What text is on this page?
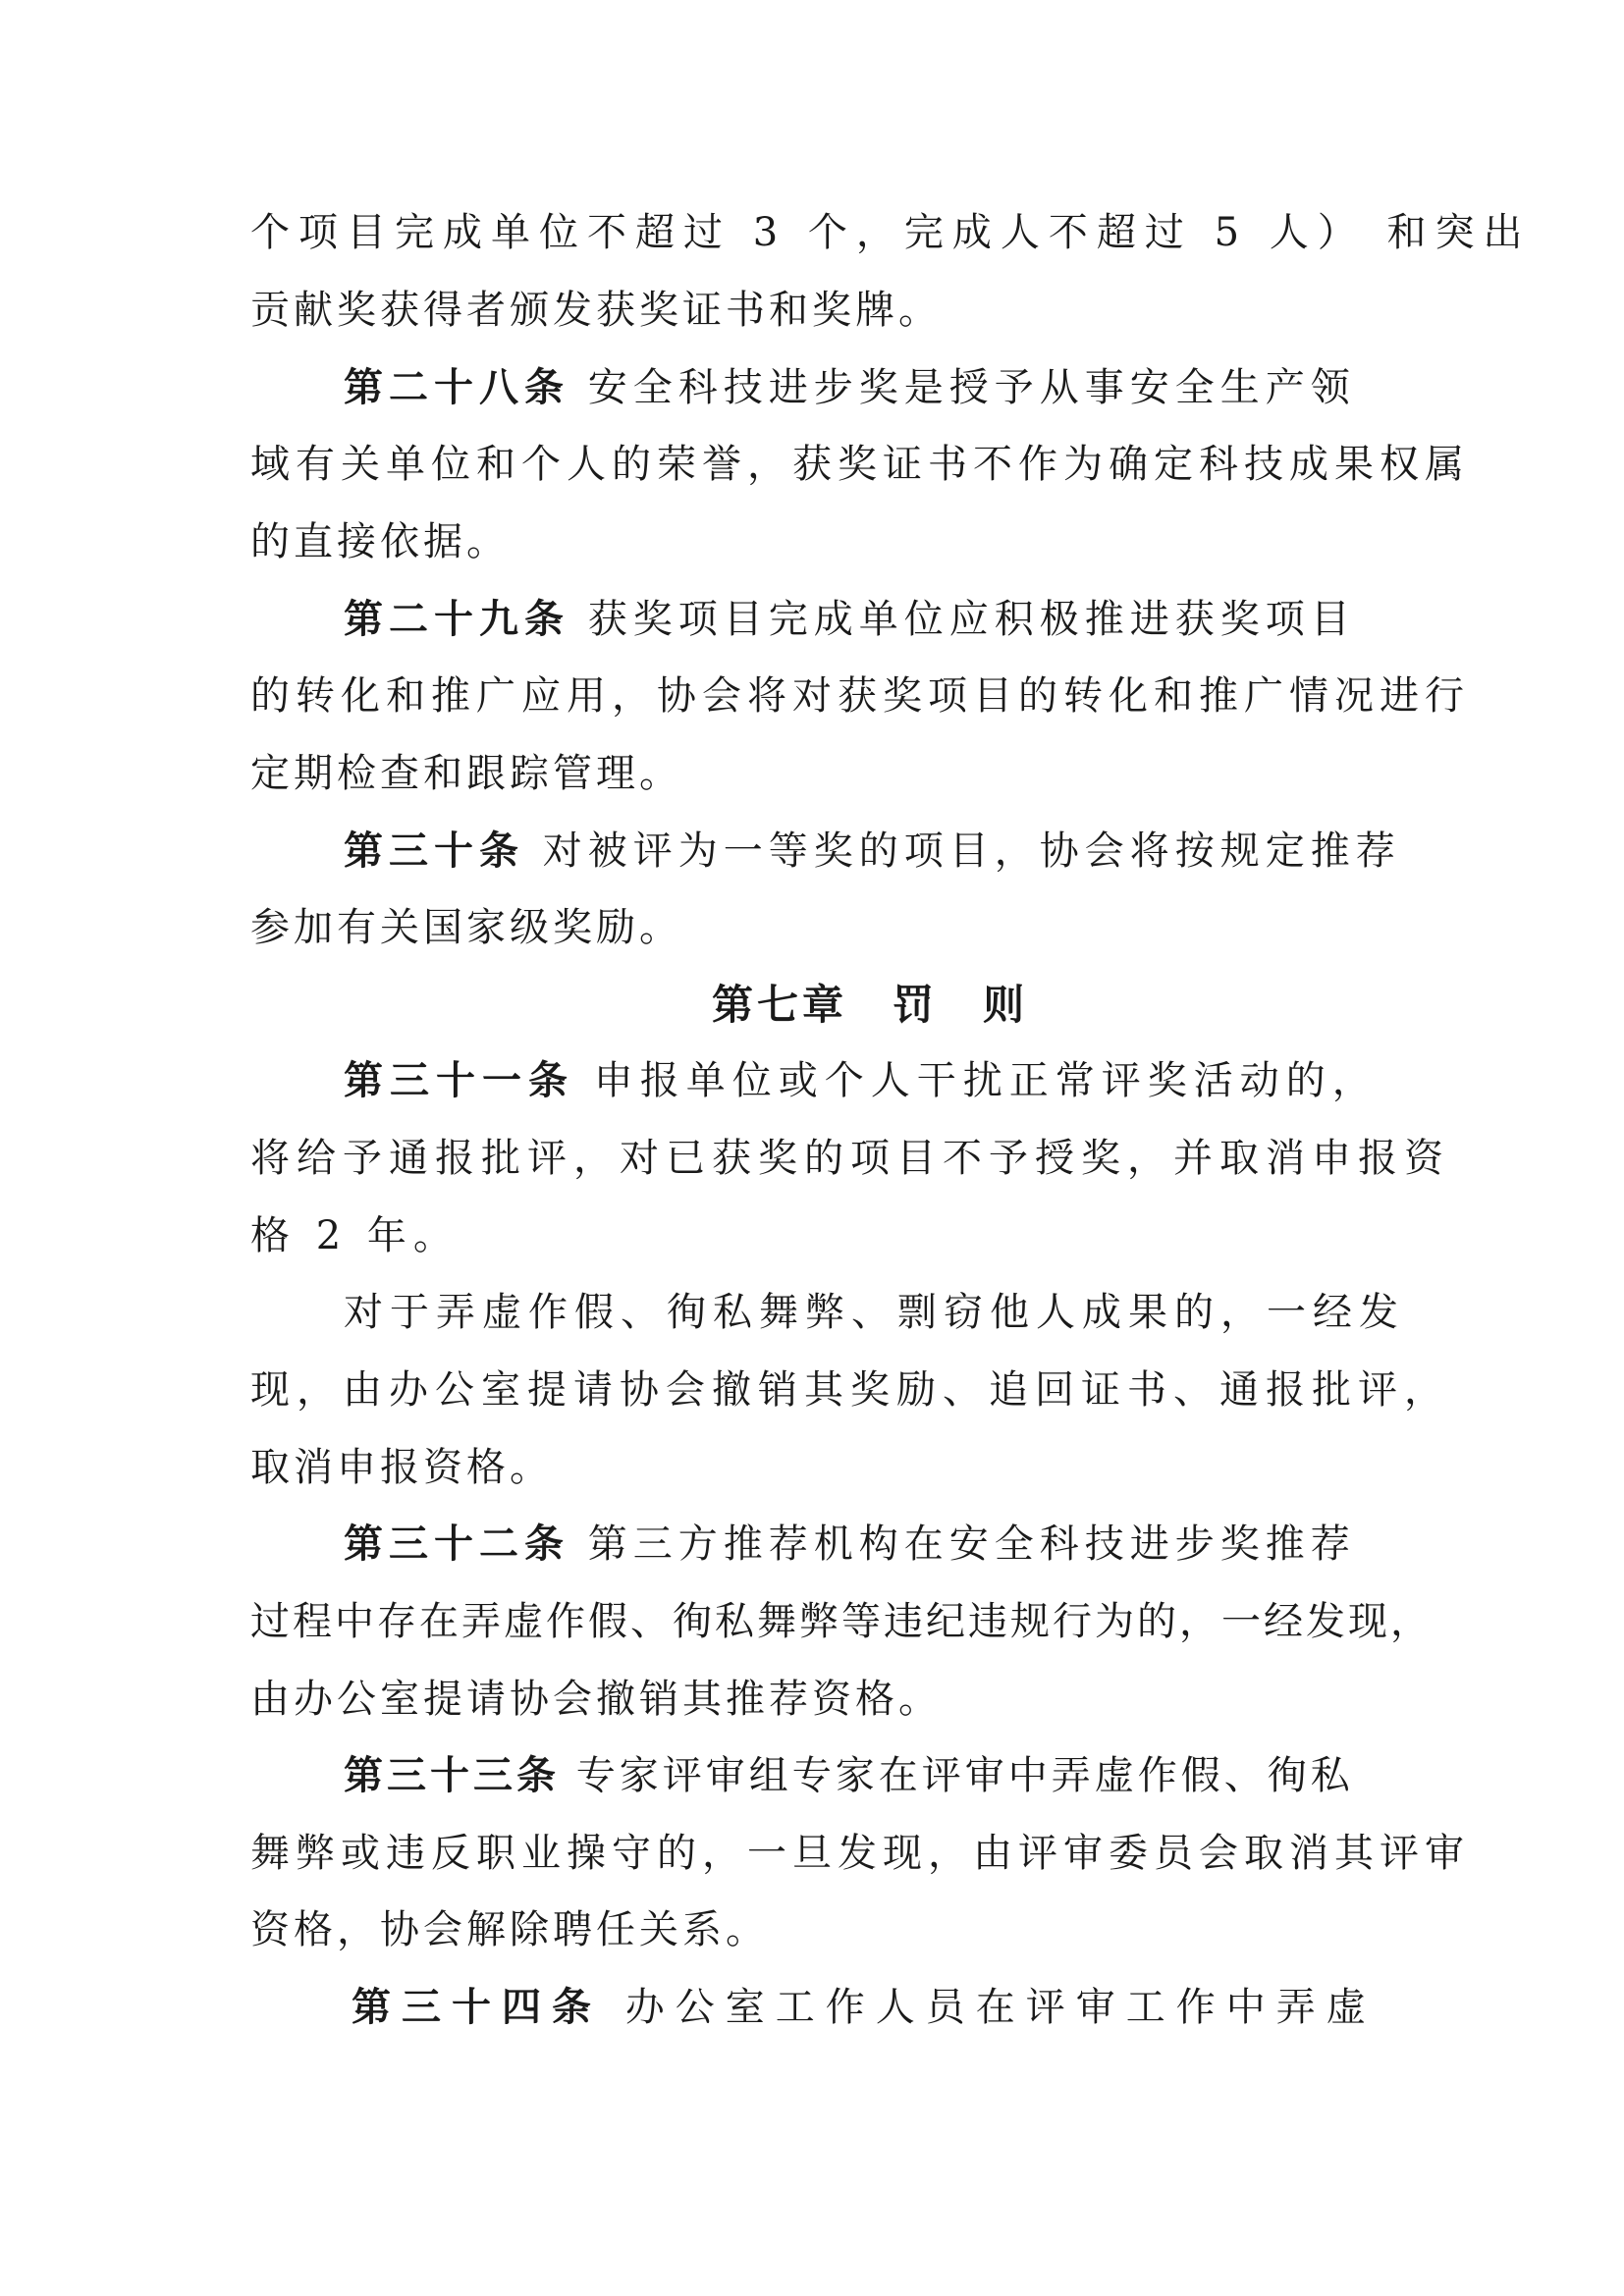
个项目完成单位不超过 3 个，完成人不超过 5 人） 和突出
贡献奖获得者颁发获奖证书和奖牌。
第二十八条 安全科技进步奖是授予从事安全生产领
域有关单位和个人的荣誉，获奖证书不作为确定科技成果权属
的直接依据。
第二十九条 获奖项目完成单位应积极推进获奖项目
的转化和推广应用，协会将对获奖项目的转化和推广情况进行
定期检查和跟踪管理。
第三十条 对被评为一等奖的项目，协会将按规定推荐
参加有关国家级奖励。
第七章　罚　则
第三十一条 申报单位或个人干扰正常评奖活动的，
将给予通报批评，对已获奖的项目不予授奖，并取消申报资
格 2 年。
对于弄虚作假、徇私舞弊、剽窃他人成果的，一经发
现，由办公室提请协会撤销其奖励、追回证书、通报批评，
取消申报资格。
第三十二条 第三方推荐机构在安全科技进步奖推荐
过程中存在弄虚作假、徇私舞弊等违纪违规行为的，一经发现，
由办公室提请协会撤销其推荐资格。
第三十三条 专家评审组专家在评审中弄虚作假、徇私
舞弊或违反职业操守的，一旦发现，由评审委员会取消其评审
资格，协会解除聘任关系。
第三十四条 办公室工作人员在评审工作中弄虚
